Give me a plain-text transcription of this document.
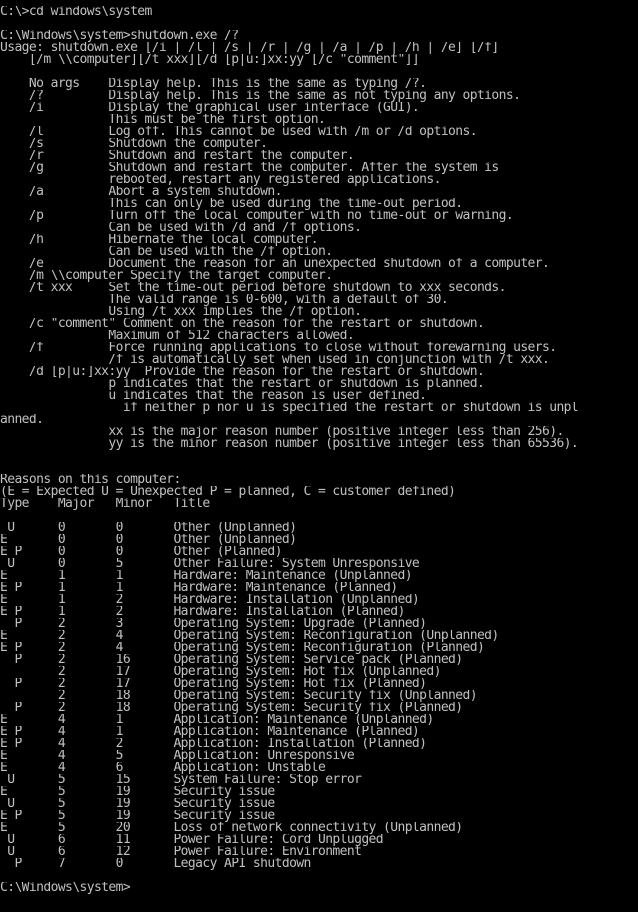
C:\>cd windows\system
C:\Windows\system>shutdown.exe /?
Usage: shutdown.exe [/i | /l | /s | /r | /g | /a | /p | /h | /e] [/f]
[/m \\computer][/t xxx][/d [p|u:]xx:yy [/c "comment"]]
No args    Display help. This is the same as typing /?.
/?         Display help. This is the same as not typing any options.
/i         Display the graphical user interface (GUI).
This must be the first option.
/l         Log off. This cannot be used with /m or /d options.
/s         Shutdown the computer.
/r         Shutdown and restart the computer.
/g         Shutdown and restart the computer. After the system is
rebooted, restart any registered applications.
/a         Abort a system shutdown.
This can only be used during the time-out period.
/p         Turn off the local computer with no time-out or warning.
Can be used with /d and /f options.
/h         Hibernate the local computer.
Can be used with the /f option.
/e         Document the reason for an unexpected shutdown of a computer.
/m \\computer Specify the target computer.
/t xxx     Set the time-out period before shutdown to xxx seconds.
The valid range is 0-600, with a default of 30.
Using /t xxx implies the /f option.
/c "comment" Comment on the reason for the restart or shutdown.
Maximum of 512 characters allowed.
/f         Force running applications to close without forewarning users.
/f is automatically set when used in conjunction with /t xxx.
/d [p|u:]xx:yy  Provide the reason for the restart or shutdown.
p indicates that the restart or shutdown is planned.
u indicates that the reason is user defined.
if neither p nor u is specified the restart or shutdown is unpl
anned.
xx is the major reason number (positive integer less than 256).
yy is the minor reason number (positive integer less than 65536).
Reasons on this computer:
(E = Expected U = Unexpected P = planned, C = customer defined)
Type    Major   Minor   Title
U      0       0       Other (Unplanned)
E       0       0       Other (Unplanned)
E P     0       0       Other (Planned)
U      0       5       Other Failure: System Unresponsive
E       1       1       Hardware: Maintenance (Unplanned)
E P     1       1       Hardware: Maintenance (Planned)
E       1       2       Hardware: Installation (Unplanned)
E P     1       2       Hardware: Installation (Planned)
P     2       3       Operating System: Upgrade (Planned)
E       2       4       Operating System: Reconfiguration (Unplanned)
E P     2       4       Operating System: Reconfiguration (Planned)
P     2       16      Operating System: Service pack (Planned)
2       17      Operating System: Hot fix (Unplanned)
P     2       17      Operating System: Hot fix (Planned)
2       18      Operating System: Security fix (Unplanned)
P     2       18      Operating System: Security fix (Planned)
E       4       1       Application: Maintenance (Unplanned)
E P     4       1       Application: Maintenance (Planned)
E P     4       2       Application: Installation (Planned)
E       4       5       Application: Unresponsive
E       4       6       Application: Unstable
U      5       15      System Failure: Stop error
E       5       19      Security issue
U      5       19      Security issue
E P     5       19      Security issue
E       5       20      Loss of network connectivity (Unplanned)
U      6       11      Power Failure: Cord Unplugged
U      6       12      Power Failure: Environment
P     7       0       Legacy API shutdown
C:\Windows\system>
